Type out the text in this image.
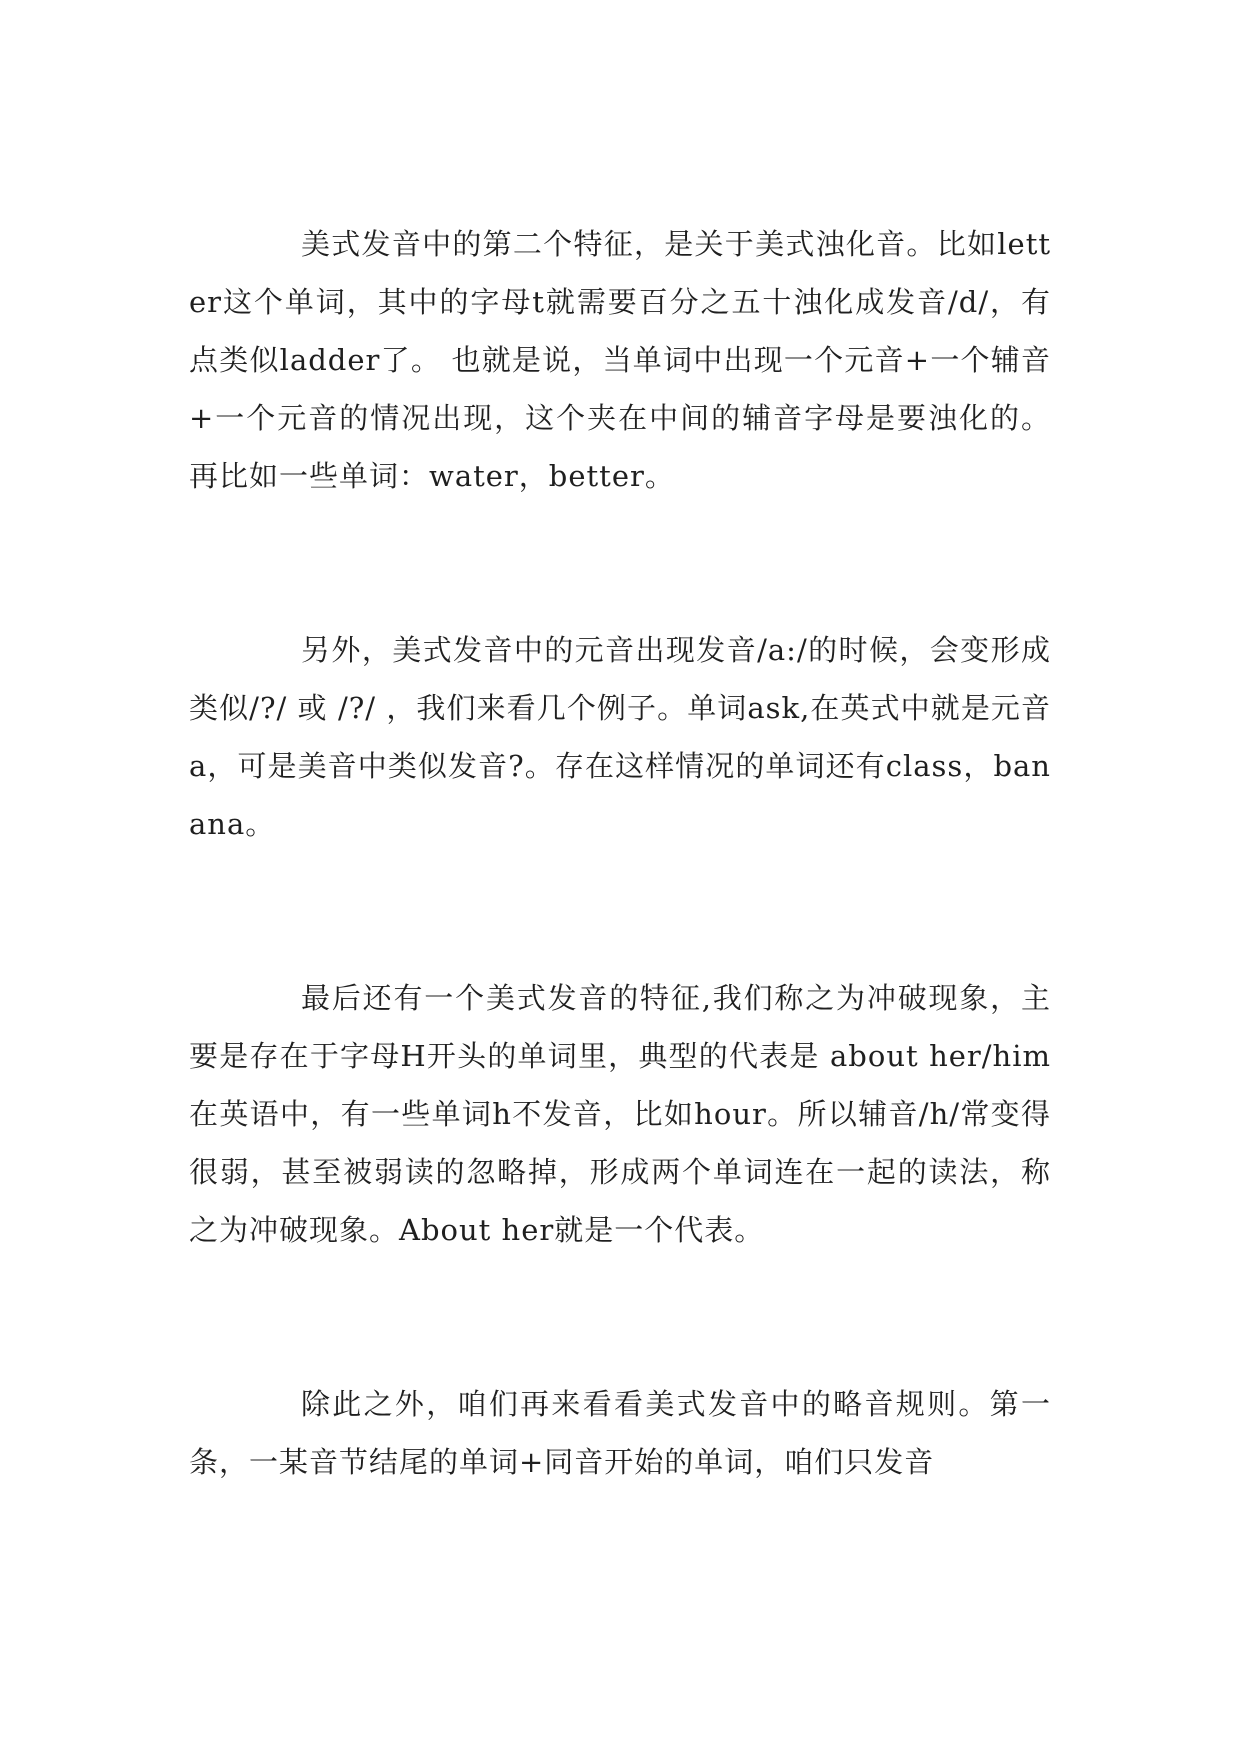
美式发音中的第二个特征，是关于美式浊化音。比如letter这个单词，其中的字母t就需要百分之五十浊化成发音/d/，有点类似ladder了。 也就是说，当单词中出现一个元音+一个辅音+一个元音的情况出现，这个夹在中间的辅音字母是要浊化的。再比如一些单词：water，better。

另外，美式发音中的元音出现发音/a:/的时候，会变形成类似/?/ 或 /?/ ，我们来看几个例子。单词ask,在英式中就是元音a，可是美音中类似发音?。存在这样情况的单词还有class，banana。

最后还有一个美式发音的特征,我们称之为冲破现象，主要是存在于字母H开头的单词里，典型的代表是 about her/him 在英语中，有一些单词h不发音，比如hour。所以辅音/h/常变得很弱，甚至被弱读的忽略掉，形成两个单词连在一起的读法，称之为冲破现象。About her就是一个代表。

除此之外，咱们再来看看美式发音中的略音规则。第一条，一某音节结尾的单词+同音开始的单词，咱们只发音
